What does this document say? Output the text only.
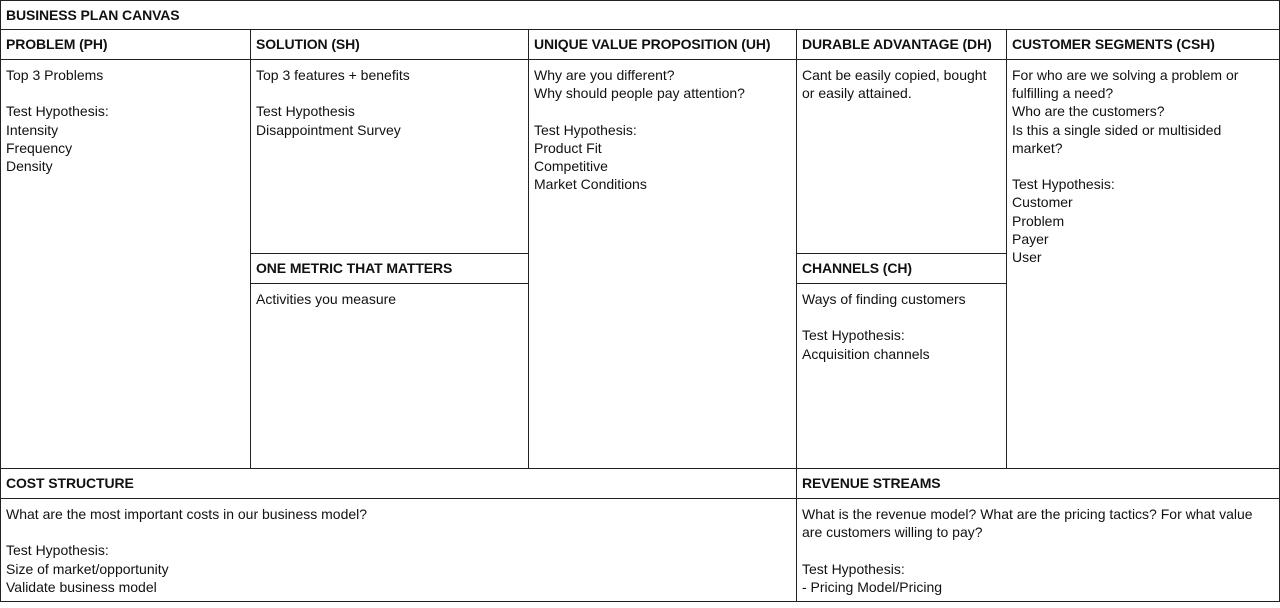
BUSINESS PLAN CANVAS
PROBLEM (PH)	SOLUTION (SH)	UNIQUE VALUE PROPOSITION (UH)	DURABLE ADVANTAGE (DH)	CUSTOMER SEGMENTS (CSH)
Top 3 Problems
Test Hypothesis:
Intensity
Frequency
Density
Top 3 features + benefits
Test Hypothesis
Disappointment Survey
ONE METRIC THAT MATTERS
Activities you measure
Why are you different?
Why should people pay attention?
Test Hypothesis:
Product Fit
Competitive
Market Conditions
Cant be easily copied, bought or easily attained.
CHANNELS (CH)
Ways of finding customers
Test Hypothesis:
Acquisition channels
For who are we solving a problem or fulfilling a need?
Who are the customers?
Is this a single sided or multisided market?
Test Hypothesis:
Customer
Problem
Payer
User
COST STRUCTURE
What are the most important costs in our business model?
Test Hypothesis:
Size of market/opportunity
Validate business model
REVENUE STREAMS
What is the revenue model? What are the pricing tactics? For what value are customers willing to pay?
Test Hypothesis:
- Pricing Model/Pricing
